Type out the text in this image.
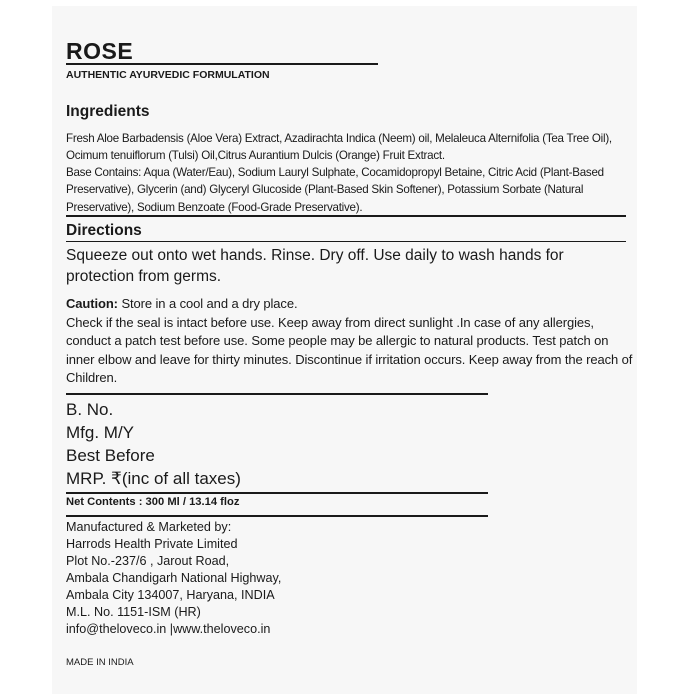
ROSE
AUTHENTIC AYURVEDIC FORMULATION
Ingredients
Fresh Aloe Barbadensis (Aloe Vera) Extract, Azadirachta Indica (Neem) oil, Melaleuca Alternifolia (Tea Tree Oil), Ocimum tenuiflorum (Tulsi) Oil,Citrus Aurantium Dulcis (Orange) Fruit Extract.
Base Contains: Aqua (Water/Eau), Sodium Lauryl Sulphate, Cocamidopropyl Betaine, Citric Acid (Plant-Based Preservative), Glycerin (and) Glyceryl Glucoside (Plant-Based Skin Softener), Potassium Sorbate (Natural Preservative), Sodium Benzoate (Food-Grade Preservative).
Directions
Squeeze out onto wet hands. Rinse. Dry off. Use daily to wash hands for protection from germs.
Caution: Store in a cool and a dry place.
Check if the seal is intact before use. Keep away from direct sunlight .In case of any allergies, conduct a patch test before use. Some people may be allergic to natural products. Test patch on inner elbow and leave for thirty minutes. Discontinue if irritation occurs. Keep away from the reach of Children.
B. No.
Mfg. M/Y
Best Before
MRP. ₹(inc of all taxes)
Net Contents : 300 Ml / 13.14 floz
Manufactured & Marketed by:
Harrods Health Private Limited
Plot No.-237/6 , Jarout Road,
Ambala Chandigarh National Highway,
Ambala City 134007, Haryana, INDIA
M.L. No. 1151-ISM (HR)
info@theloveco.in |www.theloveco.in
MADE IN INDIA
